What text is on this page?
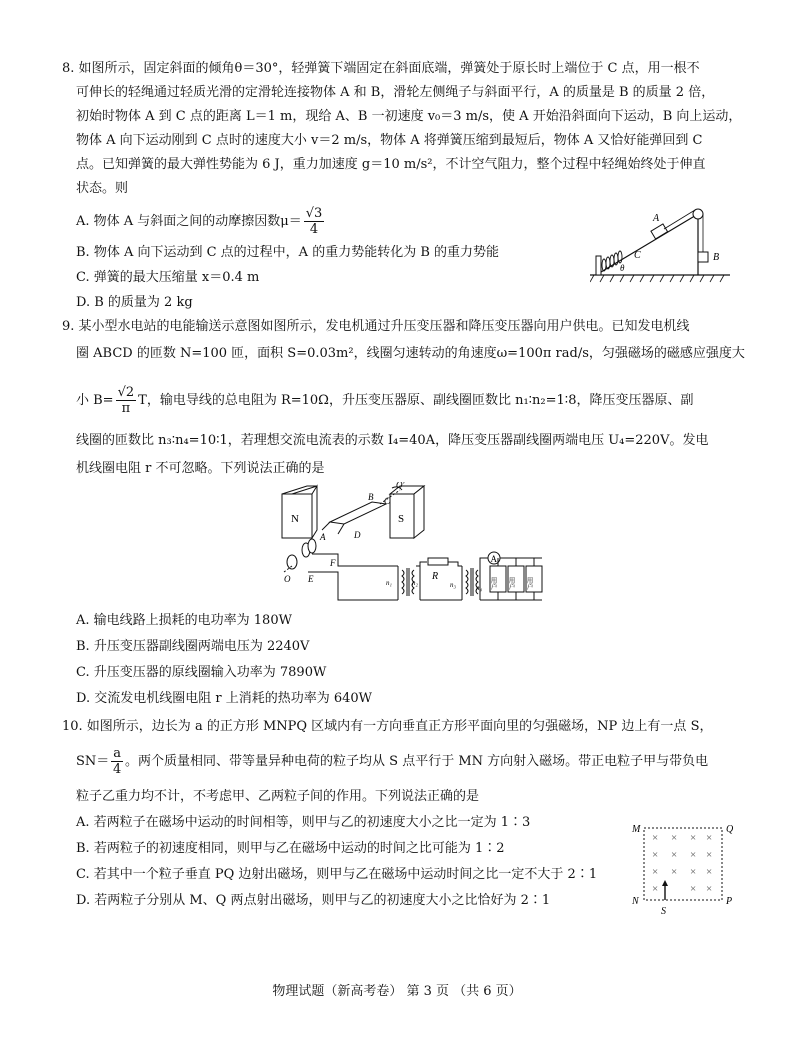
8. 如图所示，固定斜面的倾角θ＝30°，轻弹簧下端固定在斜面底端，弹簧处于原长时上端位于 C 点，用一根不
可伸长的轻绳通过轻质光滑的定滑轮连接物体 A 和 B，滑轮左侧绳子与斜面平行，A 的质量是 B 的质量 2 倍，
初始时物体 A 到 C 点的距离 L＝1 m，现给 A、B 一初速度 v₀＝3 m/s，使 A 开始沿斜面向下运动，B 向上运动，
物体 A 向下运动刚到 C 点时的速度大小 v＝2 m/s，物体 A 将弹簧压缩到最短后，物体 A 又恰好能弹回到 C
点。已知弹簧的最大弹性势能为 6 J，重力加速度 g＝10 m/s²，不计空气阻力，整个过程中轻绳始终处于伸直
状态。则
A. 物体 A 与斜面之间的动摩擦因数$\mu= \frac{√3}{4}$
B. 物体 A 向下运动到 C 点的过程中，A 的重力势能转化为 B 的重力势能
C. 弹簧的最大压缩量 x＝0.4 m
D. B 的质量为 2 kg
A
B
C
θ
9. 某小型水电站的电能输送示意图如图所示，发电机通过升压变压器和降压变压器向用户供电。已知发电机线
圈 ABCD 的匝数 N=100 匝，面积 S=0.03m²，线圈匀速转动的角速度ω=100π rad/s，匀强磁场的磁感应强度大
小 $B= \frac{√2}{\pi}$ T，输电导线的总电阻为 R=10Ω，升压变压器原、副线圈匝数比 n₁∶n₂=1∶8，降压变压器原、副
线圈的匝数比 n₃∶n₄=10∶1，若理想交流电流表的示数 I₄=40A，降压变压器副线圈两端电压 U₄=220V。发电
机线圈电阻 r 不可忽略。下列说法正确的是
N	S
O'
B C
D
A
O E
F
n₁	n₂
R
n₃	n₄
A
用户 用户 用户
A. 输电线路上损耗的电功率为 180W
B. 升压变压器副线圈两端电压为 2240V
C. 升压变压器的原线圈输入功率为 7890W
D. 交流发电机线圈电阻 r 上消耗的热功率为 640W
10. 如图所示，边长为 a 的正方形 MNPQ 区域内有一方向垂直正方形平面向里的匀强磁场，NP 边上有一点 S，
$SN= \frac{a}{4}$ 。两个质量相同、带等量异种电荷的粒子均从 S 点平行于 MN 方向射入磁场。带正电粒子甲与带负电
粒子乙重力均不计，不考虑甲、乙两粒子间的作用。下列说法正确的是
A. 若两粒子在磁场中运动的时间相等，则甲与乙的初速度大小之比一定为 1∶3
B. 若两粒子的初速度相同，则甲与乙在磁场中运动的时间之比可能为 1∶2
C. 若其中一个粒子垂直 PQ 边射出磁场，则甲与乙在磁场中运动时间之比一定不大于 2∶1
D. 若两粒子分别从 M、Q 两点射出磁场，则甲与乙的初速度大小之比恰好为 2∶1
M	Q
N	P
S
× × × ×
× × × ×
× × × ×
×	× ×
物理试题（新高考卷） 第 3 页 （共 6 页）
